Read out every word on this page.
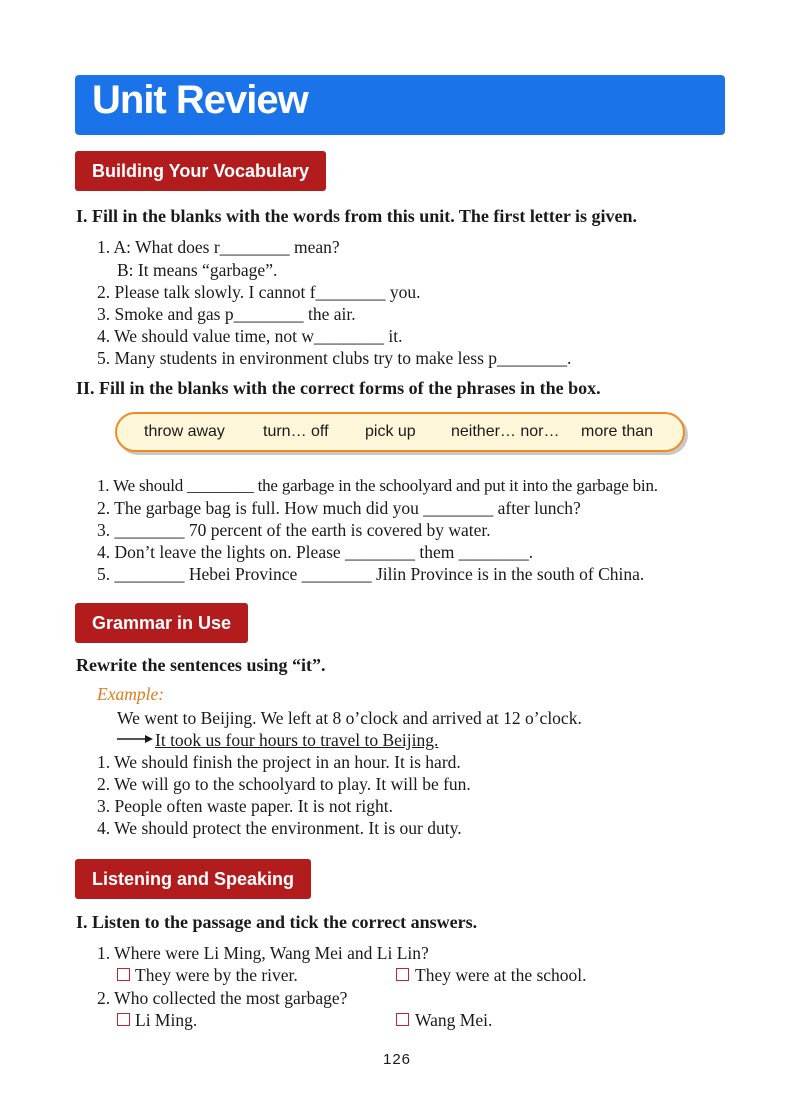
Unit Review
Building Your Vocabulary
I. Fill in the blanks with the words from this unit. The first letter is given.
1. A: What does r________ mean?
B: It means “garbage”.
2. Please talk slowly. I cannot f________ you.
3. Smoke and gas p________ the air.
4. We should value time, not w________ it.
5. Many students in environment clubs try to make less p________.
II. Fill in the blanks with the correct forms of the phrases in the box.
throw away turn… off pick up neither… nor… more than
1. We should ________ the garbage in the schoolyard and put it into the garbage bin.
2. The garbage bag is full. How much did you ________ after lunch?
3. ________ 70 percent of the earth is covered by water.
4. Don’t leave the lights on. Please ________ them ________.
5. ________ Hebei Province ________ Jilin Province is in the south of China.
Grammar in Use
Rewrite the sentences using “it”.
Example:
We went to Beijing. We left at 8 o’clock and arrived at 12 o’clock.
It took us four hours to travel to Beijing.
1. We should finish the project in an hour. It is hard.
2. We will go to the schoolyard to play. It will be fun.
3. People often waste paper. It is not right.
4. We should protect the environment. It is our duty.
Listening and Speaking
I. Listen to the passage and tick the correct answers.
1. Where were Li Ming, Wang Mei and Li Lin?
They were by the river.	They were at the school.
2. Who collected the most garbage?
Li Ming.	Wang Mei.
126
